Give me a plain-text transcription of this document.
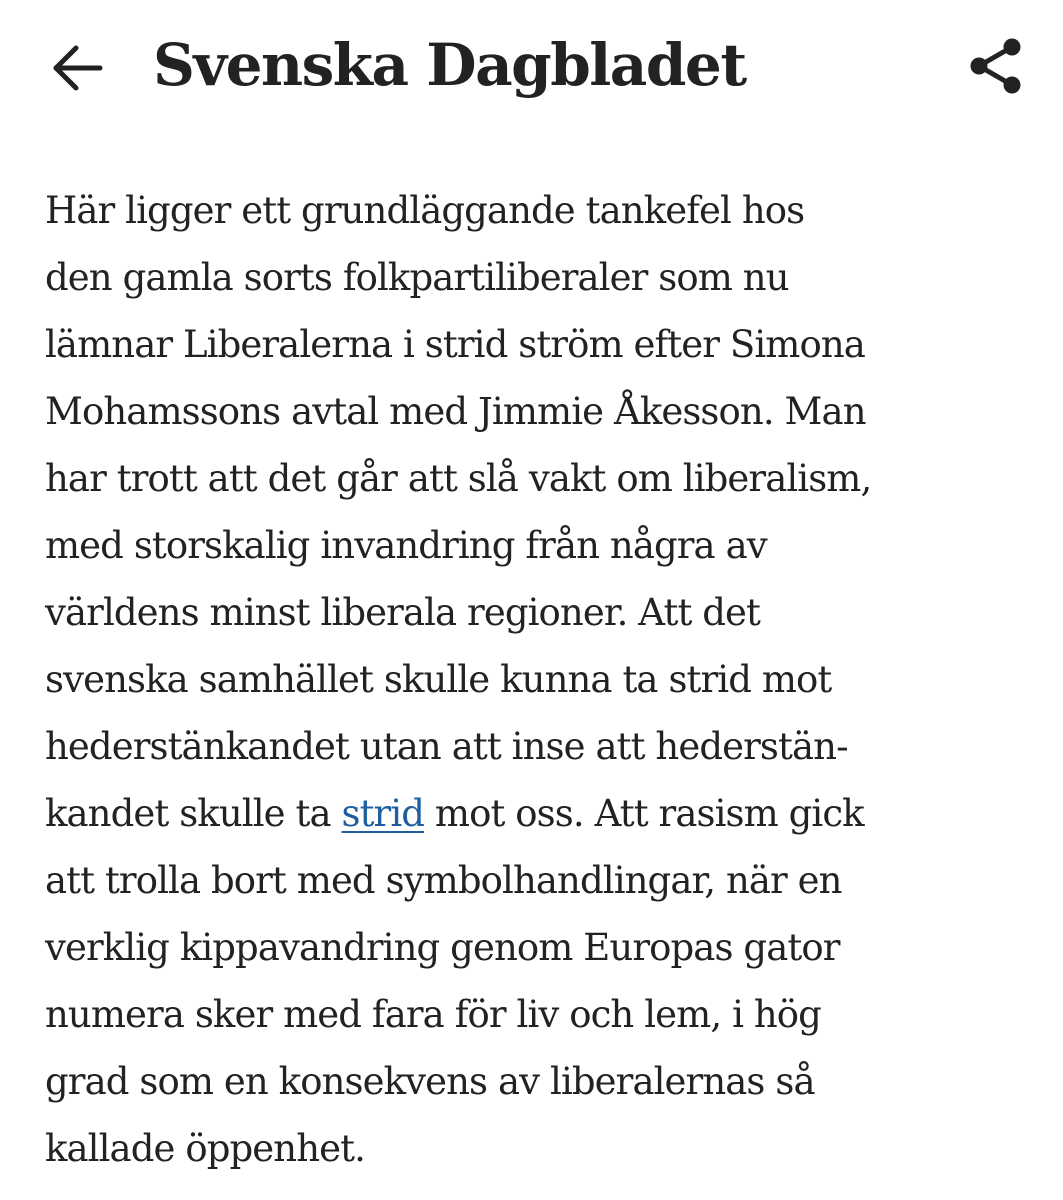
Svenska Dagbladet

Här ligger ett grundläggande tankefel hos
den gamla sorts folkpartiliberaler som nu
lämnar Liberalerna i strid ström efter Simona
Mohamssons avtal med Jimmie Åkesson. Man
har trott att det går att slå vakt om liberalism,
med storskalig invandring från några av
världens minst liberala regioner. Att det
svenska samhället skulle kunna ta strid mot
hederstänkandet utan att inse att hederstän-
kandet skulle ta strid mot oss. Att rasism gick
att trolla bort med symbolhandlingar, när en
verklig kippavandring genom Europas gator
numera sker med fara för liv och lem, i hög
grad som en konsekvens av liberalernas så
kallade öppenhet.
